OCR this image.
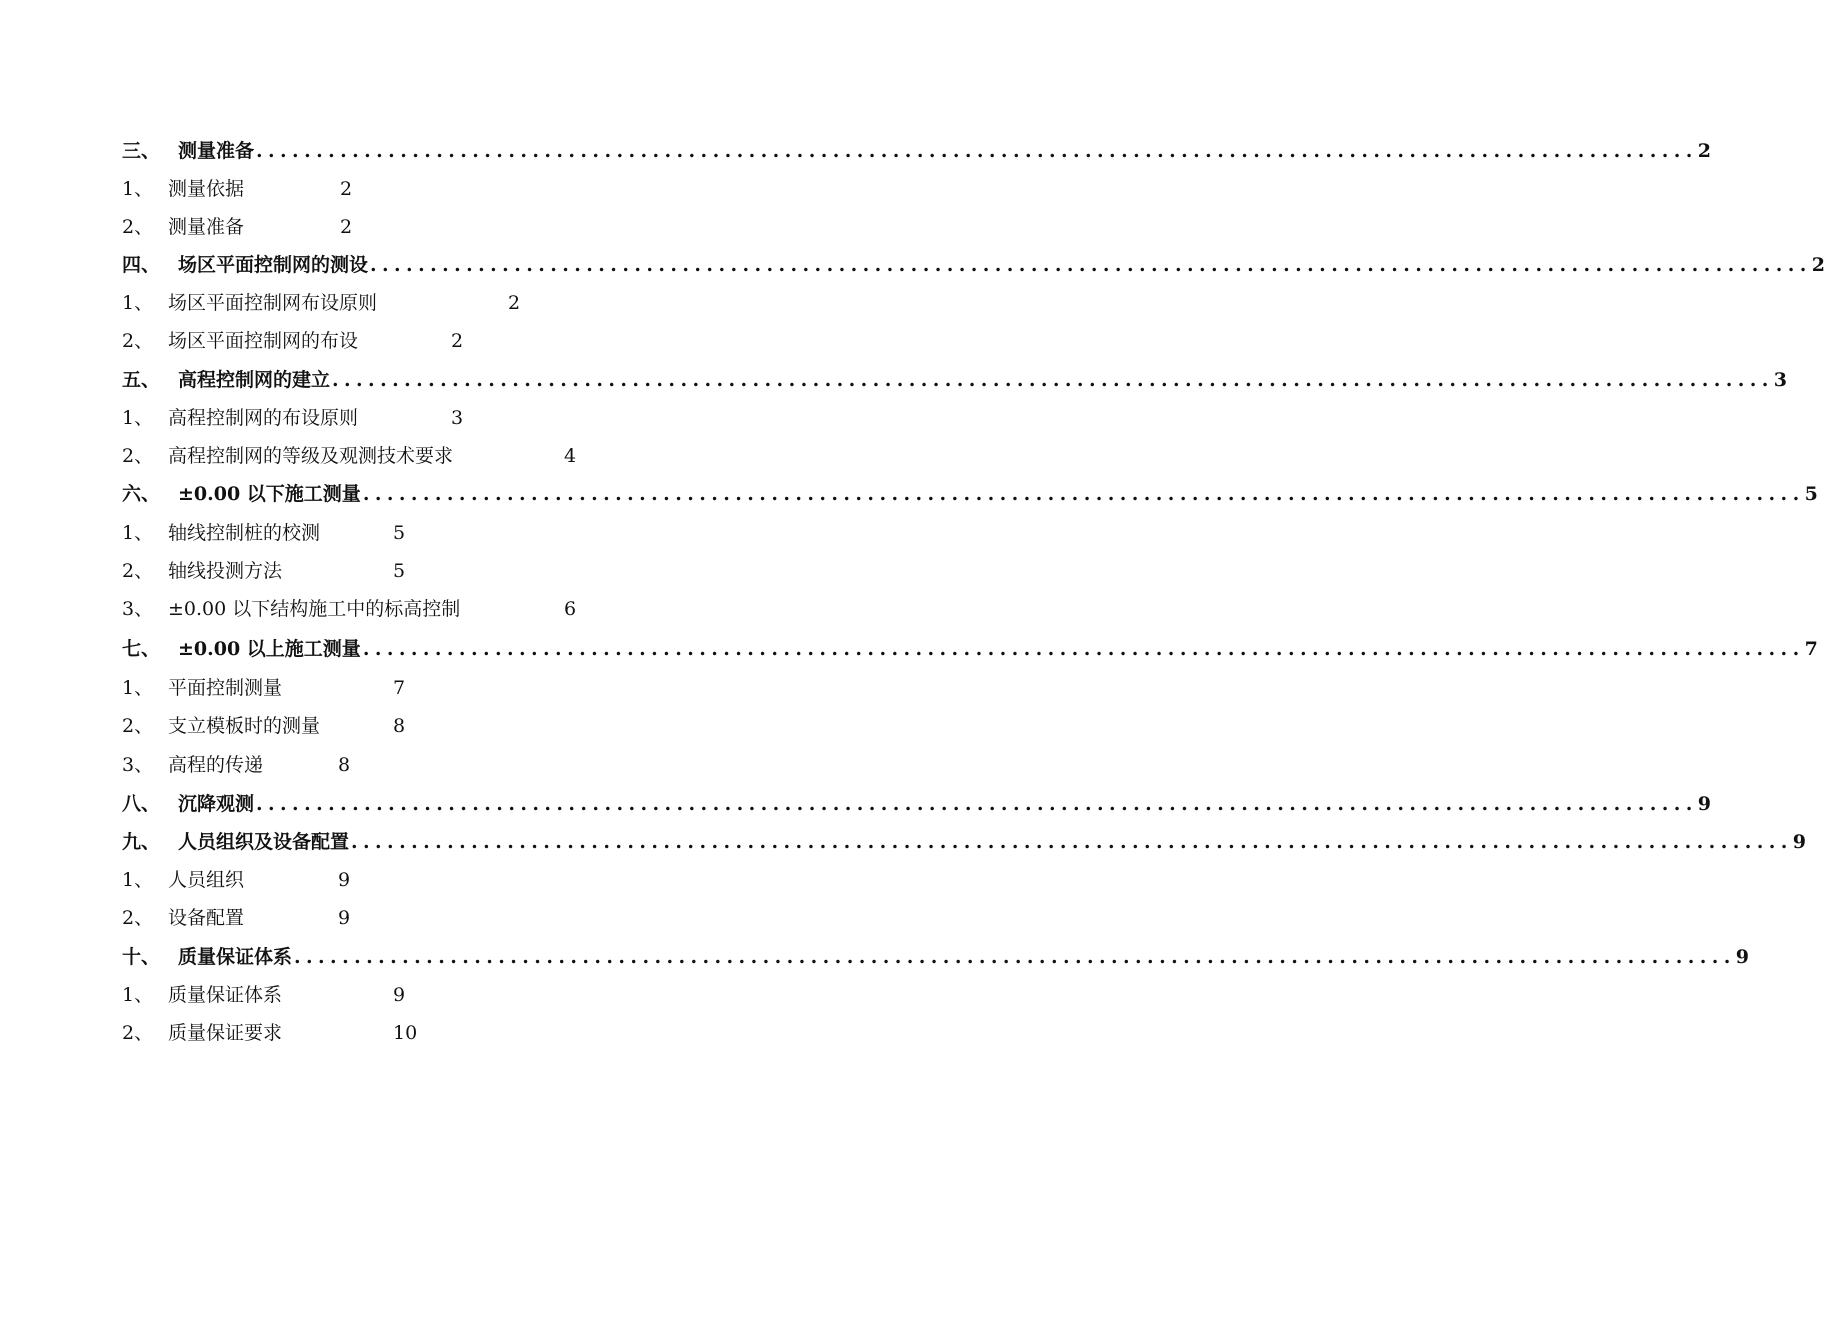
三、 测量准备 ........................................................................................................................ 2
1、 测量依据	2
2、 测量准备	2
四、 场区平面控制网的测设 ........................................................................................................................ 2
1、 场区平面控制网布设原则	2
2、 场区平面控制网的布设	2
五、 高程控制网的建立 ........................................................................................................................ 3
1、 高程控制网的布设原则	3
2、 高程控制网的等级及观测技术要求	4
六、 ±0.00 以下施工测量 ........................................................................................................................ 5
1、 轴线控制桩的校测	5
2、 轴线投测方法	5
3、 ±0.00 以下结构施工中的标高控制	6
七、 ±0.00 以上施工测量 ........................................................................................................................ 7
1、 平面控制测量	7
2、 支立模板时的测量	8
3、 高程的传递	8
八、 沉降观测 ........................................................................................................................ 9
九、 人员组织及设备配置 ........................................................................................................................ 9
1、 人员组织	9
2、 设备配置	9
十、 质量保证体系 ........................................................................................................................ 9
1、 质量保证体系	9
2、 质量保证要求	10
